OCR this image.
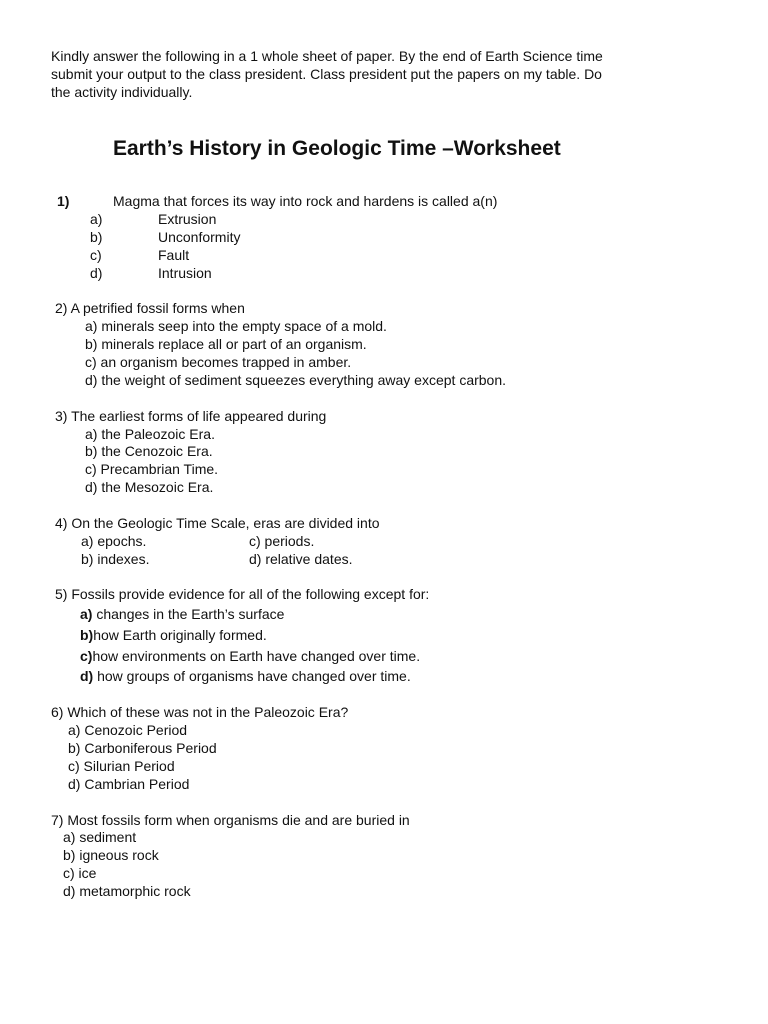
Kindly answer the following in a 1 whole sheet of paper. By the end of Earth Science time
submit your output to the class president. Class president put the papers on my table. Do
the activity individually.
Earth’s History in Geologic Time –Worksheet
1)	Magma that forces its way into rock and hardens is called a(n)
a)	Extrusion
b)	Unconformity
c)	Fault
d)	Intrusion
2) A petrified fossil forms when
a) minerals seep into the empty space of a mold.
b) minerals replace all or part of an organism.
c) an organism becomes trapped in amber.
d) the weight of sediment squeezes everything away except carbon.
3) The earliest forms of life appeared during
a) the Paleozoic Era.
b) the Cenozoic Era.
c) Precambrian Time.
d) the Mesozoic Era.
4) On the Geologic Time Scale, eras are divided into
a) epochs.	c) periods.
b) indexes.	d) relative dates.
5) Fossils provide evidence for all of the following except for:
a) changes in the Earth’s surface
b)how Earth originally formed.
c)how environments on Earth have changed over time.
d) how groups of organisms have changed over time.
6) Which of these was not in the Paleozoic Era?
a) Cenozoic Period
b) Carboniferous Period
c) Silurian Period
d) Cambrian Period
7) Most fossils form when organisms die and are buried in
a) sediment
b) igneous rock
c) ice
d) metamorphic rock
